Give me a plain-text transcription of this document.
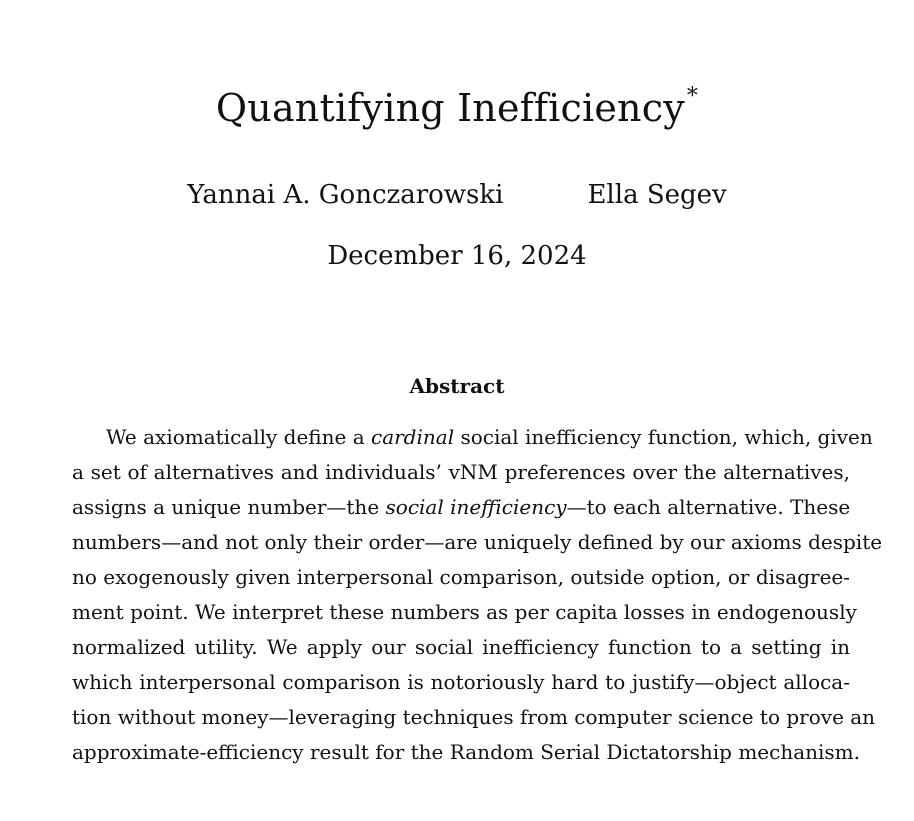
Quantifying Inefficiency*
Yannai A. Gonczarowski	Ella Segev
December 16, 2024
Abstract
We axiomatically define a cardinal social inefficiency function, which, given
a set of alternatives and individuals’ vNM preferences over the alternatives,
assigns a unique number—the social inefficiency—to each alternative. These
numbers—and not only their order—are uniquely defined by our axioms despite
no exogenously given interpersonal comparison, outside option, or disagree-
ment point. We interpret these numbers as per capita losses in endogenously
normalized utility. We apply our social inefficiency function to a setting in
which interpersonal comparison is notoriously hard to justify—object alloca-
tion without money—leveraging techniques from computer science to prove an
approximate-efficiency result for the Random Serial Dictatorship mechanism.
